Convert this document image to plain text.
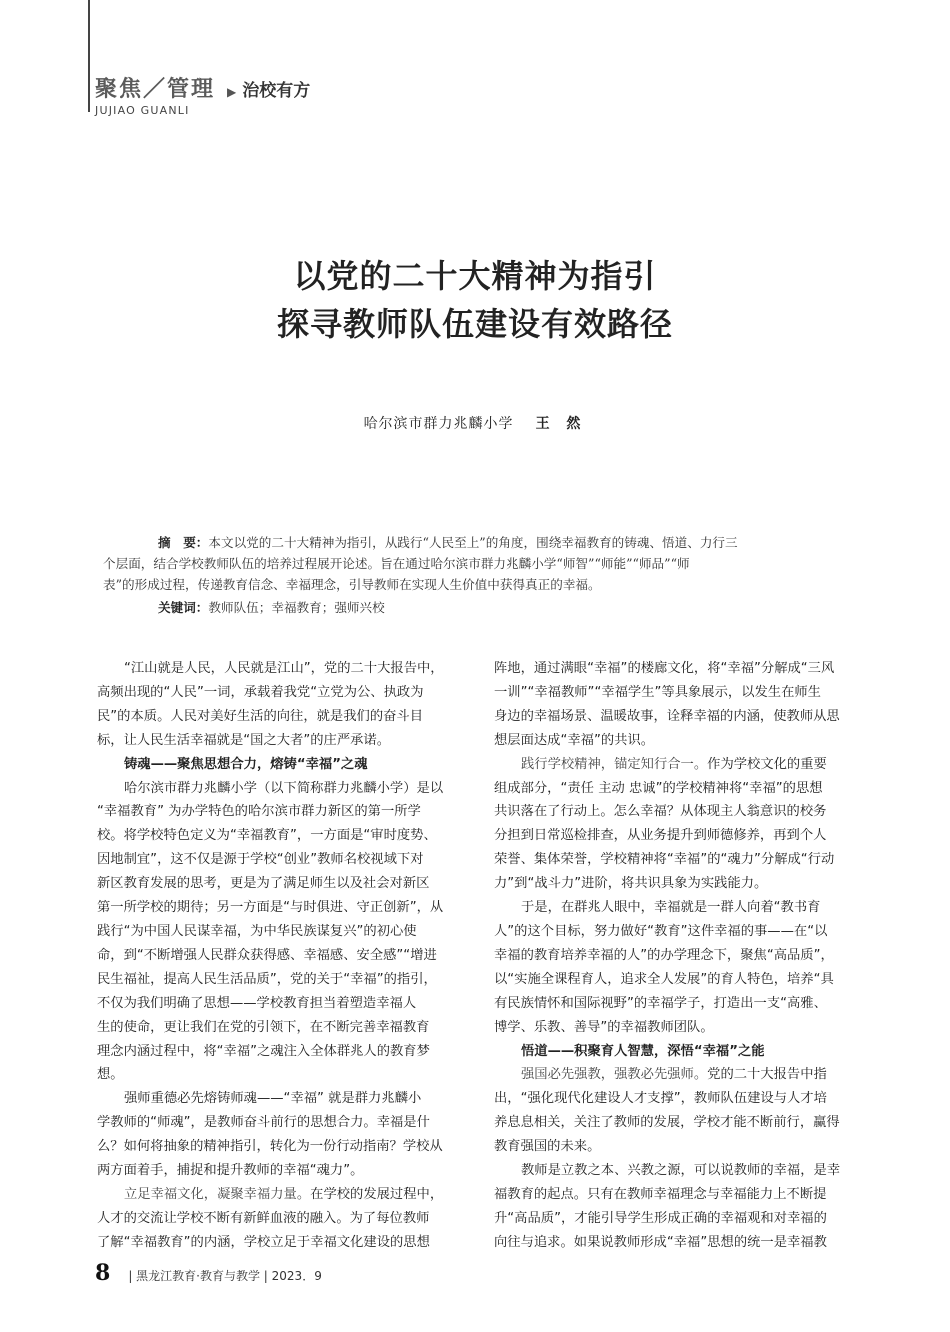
聚焦／管理 ▶ 治校有方
JUJIAO GUANLI
以党的二十大精神为指引
探寻教师队伍建设有效路径
哈尔滨市群力兆麟小学 王 然
摘　要：本文以党的二十大精神为指引，从践行“人民至上”的角度，围绕幸福教育的铸魂、悟道、力行三
个层面，结合学校教师队伍的培养过程展开论述。旨在通过哈尔滨市群力兆麟小学“师智”“师能”“师品”“师
表”的形成过程，传递教育信念、幸福理念，引导教师在实现人生价值中获得真正的幸福。
关键词：教师队伍；幸福教育；强师兴校

“江山就是人民，人民就是江山”，党的二十大报告中，

高频出现的“人民”一词，承载着我党“立党为公、执政为

民”的本质。人民对美好生活的向往，就是我们的奋斗目

标，让人民生活幸福就是“国之大者”的庄严承诺。

铸魂——聚焦思想合力，熔铸“幸福”之魂

哈尔滨市群力兆麟小学（以下简称群力兆麟小学）是以

“幸福教育” 为办学特色的哈尔滨市群力新区的第一所学

校。将学校特色定义为“幸福教育”，一方面是“审时度势、

因地制宜”，这不仅是源于学校“创业”教师名校视域下对

新区教育发展的思考，更是为了满足师生以及社会对新区

第一所学校的期待；另一方面是“与时俱进、守正创新”，从

践行“为中国人民谋幸福，为中华民族谋复兴”的初心使

命，到“不断增强人民群众获得感、幸福感、安全感”“增进

民生福祉，提高人民生活品质”，党的关于“幸福”的指引，

不仅为我们明确了思想——学校教育担当着塑造幸福人

生的使命，更让我们在党的引领下，在不断完善幸福教育

理念内涵过程中，将“幸福”之魂注入全体群兆人的教育梦

想。

强师重德必先熔铸师魂——“幸福” 就是群力兆麟小

学教师的“师魂”，是教师奋斗前行的思想合力。幸福是什

么？如何将抽象的精神指引，转化为一份行动指南？学校从

两方面着手，捕捉和提升教师的幸福“魂力”。

立足幸福文化，凝聚幸福力量。在学校的发展过程中，

人才的交流让学校不断有新鲜血液的融入。为了每位教师

了解“幸福教育”的内涵，学校立足于幸福文化建设的思想

阵地，通过满眼“幸福”的楼廊文化，将“幸福”分解成“三风

一训”“幸福教师”“幸福学生”等具象展示，以发生在师生

身边的幸福场景、温暖故事，诠释幸福的内涵，使教师从思

想层面达成“幸福”的共识。

践行学校精神，锚定知行合一。作为学校文化的重要

组成部分，“责任 主动 忠诚”的学校精神将“幸福”的思想

共识落在了行动上。怎么幸福？从体现主人翁意识的校务

分担到日常巡检排查，从业务提升到师德修养，再到个人

荣誉、集体荣誉，学校精神将“幸福”的“魂力”分解成“行动

力”到“战斗力”进阶，将共识具象为实践能力。

于是，在群兆人眼中，幸福就是一群人向着“教书育

人”的这个目标，努力做好“教育”这件幸福的事——在“以

幸福的教育培养幸福的人”的办学理念下，聚焦“高品质”，

以“实施全课程育人，追求全人发展”的育人特色，培养“具

有民族情怀和国际视野”的幸福学子，打造出一支“高雅、

博学、乐教、善导”的幸福教师团队。

悟道——积聚育人智慧，深悟“幸福”之能

强国必先强教，强教必先强师。党的二十大报告中指

出，“强化现代化建设人才支撑”，教师队伍建设与人才培

养息息相关，关注了教师的发展，学校才能不断前行，赢得

教育强国的未来。

教师是立教之本、兴教之源，可以说教师的幸福，是幸

福教育的起点。只有在教师幸福理念与幸福能力上不断提

升“高品质”，才能引导学生形成正确的幸福观和对幸福的

向往与追求。如果说教师形成“幸福”思想的统一是幸福教

8 | 黑龙江教育·教育与教学 | 2023．9
